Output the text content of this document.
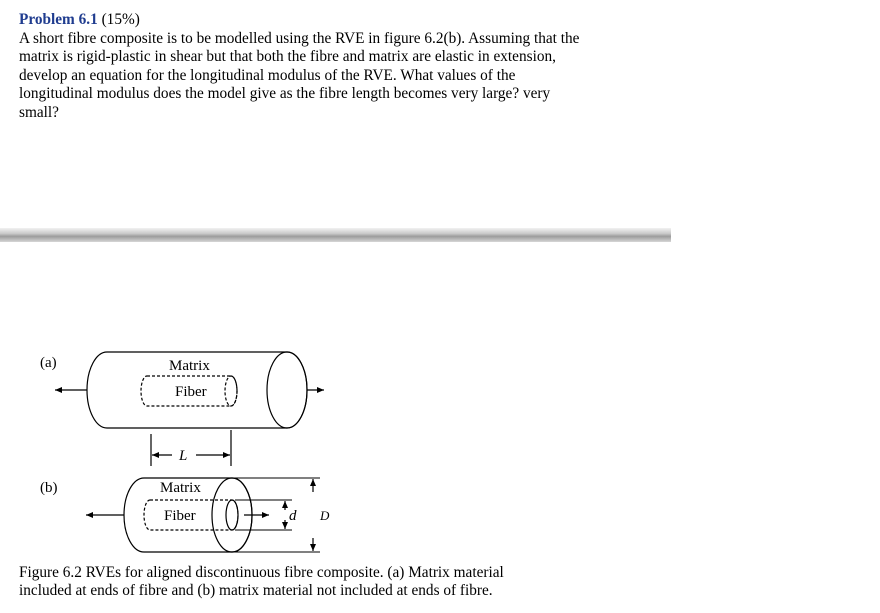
Problem 6.1 (15%)

A short fibre composite is to be modelled using the RVE in figure 6.2(b). Assuming that the matrix is rigid-plastic in shear but that both the fibre and matrix are elastic in extension, develop an equation for the longitudinal modulus of the RVE. What values of the longitudinal modulus does the model give as the fibre length becomes very large? very small?

(a)	Matrix
Fiber
L
(b)	Matrix
Fiber	d D

Figure 6.2 RVEs for aligned discontinuous fibre composite. (a) Matrix material included at ends of fibre and (b) matrix material not included at ends of fibre.
